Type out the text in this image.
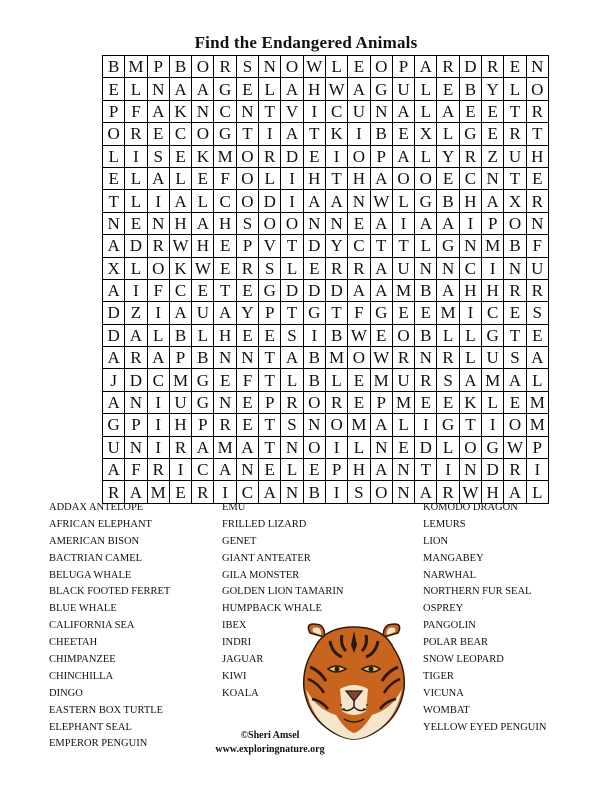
Find the Endangered Animals
B	M	P	B	O	R	S	N	O	W	L	E	O	P	A	R	D	R	E	N
E	L	N	A	A	G	E	L	A	H	W	A	G	U	L	E	B	Y	L	O
P	F	A	K	N	C	N	T	V	I	C	U	N	A	L	A	E	E	T	R
O	R	E	C	O	G	T	I	A	T	K	I	B	E	X	L	G	E	R	T
L	I	S	E	K	M	O	R	D	E	I	O	P	A	L	Y	R	Z	U	H
E	L	A	L	E	F	O	L	I	H	T	H	A	O	O	E	C	N	T	E
T	L	I	A	L	C	O	D	I	A	A	N	W	L	G	B	H	A	X	R
N	E	N	H	A	H	S	O	O	N	N	E	A	I	A	A	I	P	O	N
A	D	R	W	H	E	P	V	T	D	Y	C	T	T	L	G	N	M	B	F
X	L	O	K	W	E	R	S	L	E	R	R	A	U	N	N	C	I	N	U
A	I	F	C	E	T	E	G	D	D	D	A	A	M	B	A	H	H	R	R
D	Z	I	A	U	A	Y	P	T	G	T	F	G	E	E	M	I	C	E	S
D	A	L	B	L	H	E	E	S	I	B	W	E	O	B	L	L	G	T	E
A	R	A	P	B	N	N	T	A	B	M	O	W	R	N	R	L	U	S	A
J	D	C	M	G	E	F	T	L	B	L	E	M	U	R	S	A	M	A	L
A	N	I	U	G	N	E	P	R	O	R	E	P	M	E	E	K	L	E	M
G	P	I	H	P	R	E	T	S	N	O	M	A	L	I	G	T	I	O	M
U	N	I	R	A	M	A	T	N	O	I	L	N	E	D	L	O	G	W	P
A	F	R	I	C	A	N	E	L	E	P	H	A	N	T	I	N	D	R	I
R	A	M	E	R	I	C	A	N	B	I	S	O	N	A	R	W	H	A	L
ADDAX ANTELOPE
AFRICAN ELEPHANT
AMERICAN BISON
BACTRIAN CAMEL
BELUGA WHALE
BLACK FOOTED FERRET
BLUE WHALE
CALIFORNIA SEA
CHEETAH
CHIMPANZEE
CHINCHILLA
DINGO
EASTERN BOX TURTLE
ELEPHANT SEAL
EMPEROR PENGUIN
EMU
FRILLED LIZARD
GENET
GIANT ANTEATER
GILA MONSTER
GOLDEN LION TAMARIN
HUMPBACK WHALE
IBEX
INDRI
JAGUAR
KIWI
KOALA
KOMODO DRAGON
LEMURS
LION
MANGABEY
NARWHAL
NORTHERN FUR SEAL
OSPREY
PANGOLIN
POLAR BEAR
SNOW LEOPARD
TIGER
VICUNA
WOMBAT
YELLOW EYED PENGUIN
©Sheri Amsel
www.exploringnature.org
